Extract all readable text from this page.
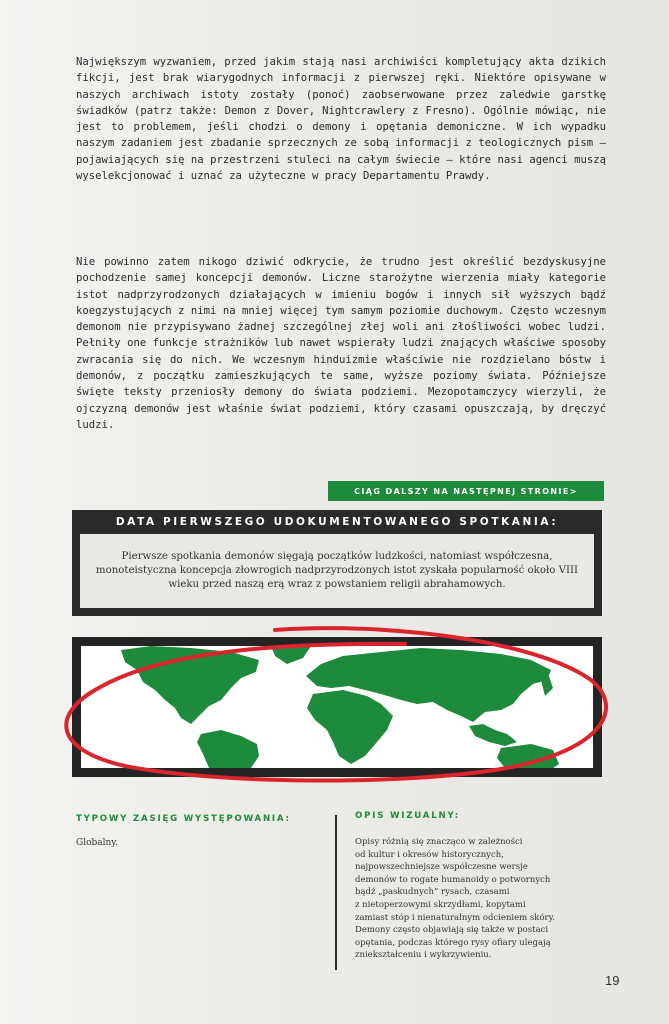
Największym wyzwaniem, przed jakim stają nasi archiwiści kompletujący akta dzikich fikcji, jest brak wiarygodnych informacji z pierwszej ręki. Niektóre opisywane w naszych archiwach istoty zostały (ponoć) zaobserwowane przez zaledwie garstkę świadków (patrz także: Demon z Dover, Nightcrawlery z Fresno). Ogólnie mówiąc, nie jest to problemem, jeśli chodzi o demony i opętania demoniczne. W ich wypadku naszym zadaniem jest zbadanie sprzecznych ze sobą informacji z teologicznych pism – pojawiających się na przestrzeni stuleci na całym świecie – które nasi agenci muszą wyselekcjonować i uznać za użyteczne w pracy Departamentu Prawdy.

Nie powinno zatem nikogo dziwić odkrycie, że trudno jest określić bezdyskusyjne pochodzenie samej koncepcji demonów. Liczne starożytne wierzenia miały kategorie istot nadprzyrodzonych działających w imieniu bogów i innych sił wyższych bądź koegzystujących z nimi na mniej więcej tym samym poziomie duchowym. Często wczesnym demonom nie przypisywano żadnej szczególnej złej woli ani złośliwości wobec ludzi. Pełniły one funkcje strażników lub nawet wspierały ludzi znających właściwe sposoby zwracania się do nich. We wczesnym hinduizmie właściwie nie rozdzielano bóstw i demonów, z początku zamieszkujących te same, wyższe poziomy świata. Późniejsze święte teksty przeniosły demony do świata podziemi. Mezopotamczycy wierzyli, że ojczyzną demonów jest właśnie świat podziemi, który czasami opuszczają, by dręczyć ludzi.

CIĄG DALSZY NA NASTĘPNEJ STRONIE>
DATA PIERWSZEGO UDOKUMENTOWANEGO SPOTKANIA:
Pierwsze spotkania demonów sięgają początków ludzkości, natomiast współczesna, monoteistyczna koncepcja złowrogich nadprzyrodzonych istot zyskała popularność około VIII wieku przed naszą erą wraz z powstaniem religii abrahamowych.
TYPOWY ZASIĘG WYSTĘPOWANIA:
Globalny.
OPIS WIZUALNY:
Opisy różnią się znacząco w zależności
od kultur i okresów historycznych,
najpowszechniejsze współczesne wersje
demonów to rogate humanoidy o potwornych
bądź „paskudnych” rysach, czasami
z nietoperzowymi skrzydłami, kopytami
zamiast stóp i nienaturalnym odcieniem skóry.
Demony często objawiają się także w postaci
opętania, podczas którego rysy ofiary ulegają
zniekształceniu i wykrzywieniu.
19
